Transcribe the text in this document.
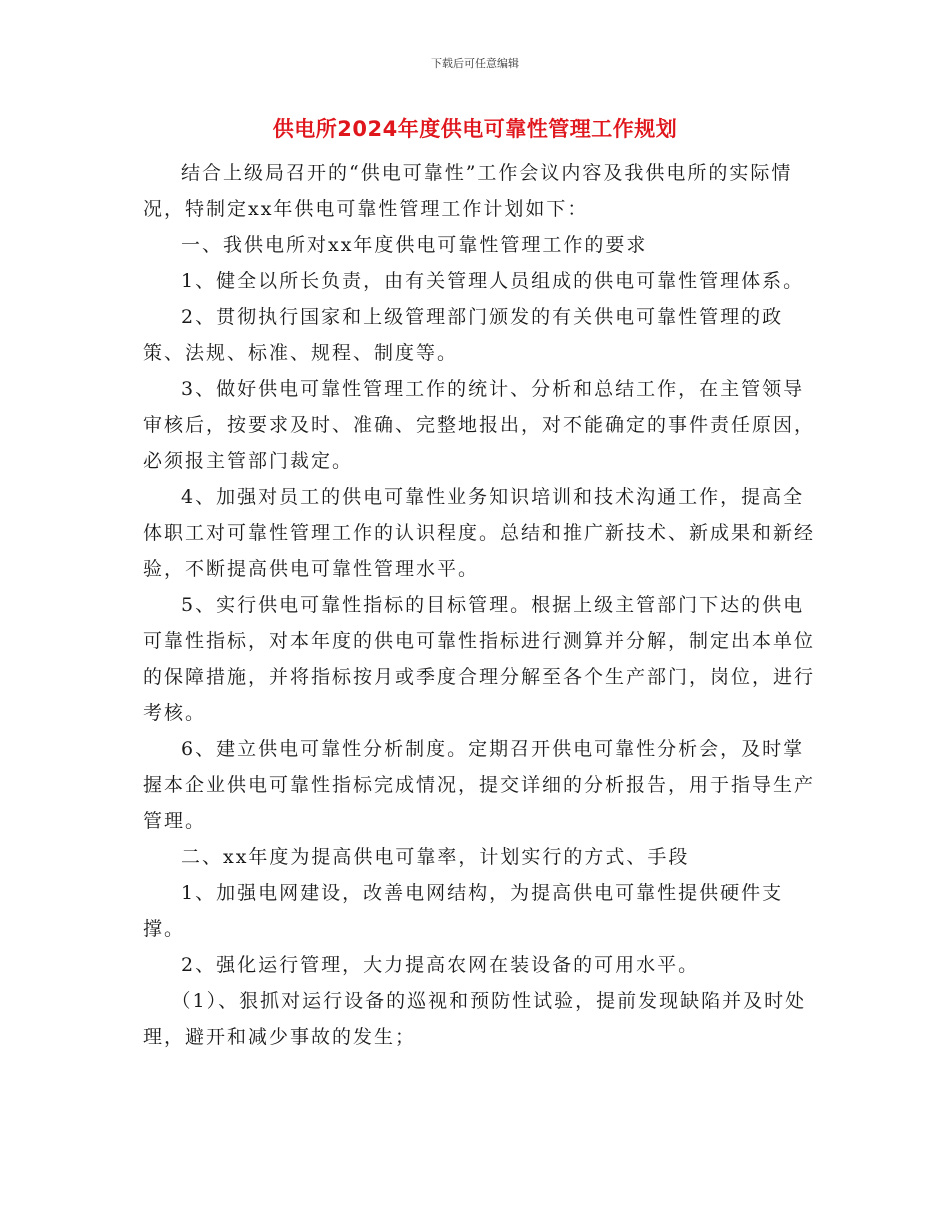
下载后可任意编辑
供电所2024年度供电可靠性管理工作规划

结合上级局召开的“供电可靠性”工作会议内容及我供电所的实际情况，特制定xx年供电可靠性管理工作计划如下：

一、我供电所对xx年度供电可靠性管理工作的要求

1、健全以所长负责，由有关管理人员组成的供电可靠性管理体系。

2、贯彻执行国家和上级管理部门颁发的有关供电可靠性管理的政策、法规、标准、规程、制度等。

3、做好供电可靠性管理工作的统计、分析和总结工作，在主管领导审核后，按要求及时、准确、完整地报出，对不能确定的事件责任原因，必须报主管部门裁定。

4、加强对员工的供电可靠性业务知识培训和技术沟通工作，提高全体职工对可靠性管理工作的认识程度。总结和推广新技术、新成果和新经验，不断提高供电可靠性管理水平。

5、实行供电可靠性指标的目标管理。根据上级主管部门下达的供电可靠性指标，对本年度的供电可靠性指标进行测算并分解，制定出本单位的保障措施，并将指标按月或季度合理分解至各个生产部门，岗位，进行考核。

6、建立供电可靠性分析制度。定期召开供电可靠性分析会，及时掌握本企业供电可靠性指标完成情况，提交详细的分析报告，用于指导生产管理。

二、xx年度为提高供电可靠率，计划实行的方式、手段

1、加强电网建设，改善电网结构，为提高供电可靠性提供硬件支撑。

2、强化运行管理，大力提高农网在装设备的可用水平。

（1）、狠抓对运行设备的巡视和预防性试验，提前发现缺陷并及时处理，避开和减少事故的发生；
